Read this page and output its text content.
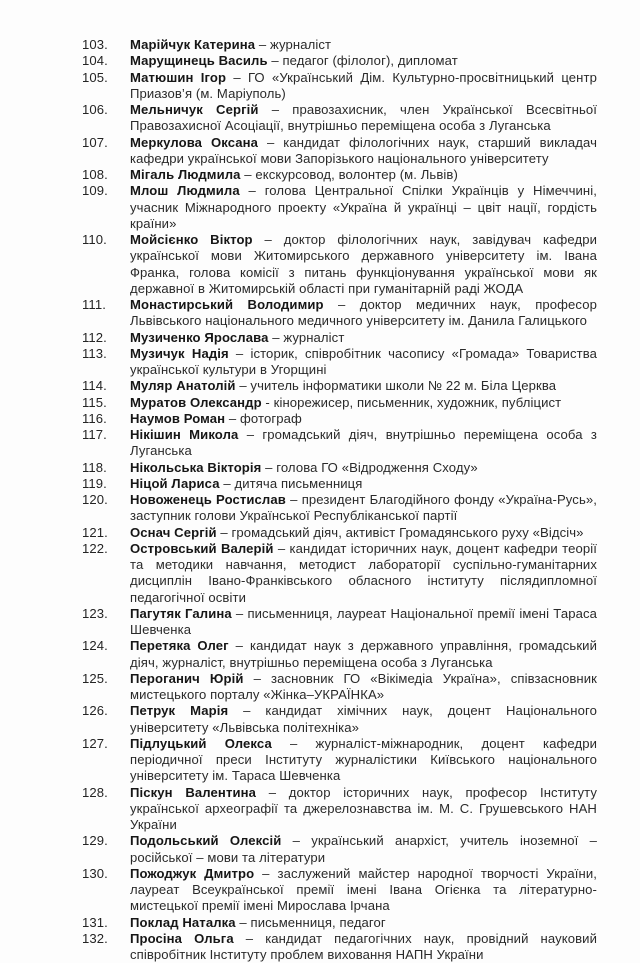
103.	Марійчук Катерина – журналіст
104.	Марущинець Василь – педагог (філолог), дипломат
105.	Матюшин Ігор – ГО «Український Дім. Культурно-просвітницький центр Приазов’я (м. Маріуполь)
106.	Мельничук Сергій – правозахисник, член Української Всесвітньої Правозахисної Асоціації, внутрішньо переміщена особа з Луганська
107.	Меркулова Оксана – кандидат філологічних наук, старший викладач кафедри української мови Запорізького національного університету
108.	Мігаль Людмила – екскурсовод, волонтер (м. Львів)
109.	Млош Людмила – голова Центральної Спілки Українців у Німеччині, учасник Міжнародного проекту «Україна й українці – цвіт нації, гордість країни»
110.	Мойсієнко Віктор – доктор філологічних наук, завідувач кафедри української мови Житомирського державного університету ім. Івана Франка, голова комісії з питань функціонування української мови як державної в Житомирській області при гуманітарній раді ЖОДА
111.	Монастирський Володимир – доктор медичних наук, професор Львівського національного медичного університету ім. Данила Галицького
112.	Музиченко Ярослава – журналіст
113.	Музичук Надія – історик, співробітник часопису «Громада» Товариства української культури в Угорщині
114.	Муляр Анатолій – учитель інформатики школи № 22 м. Біла Церква
115.	Муратов Олександр - кінорежисер, письменник, художник, публіцист
116.	Наумов Роман – фотограф
117.	Нікішин Микола – громадський діяч, внутрішньо переміщена особа з Луганська
118.	Нікольська Вікторія – голова ГО «Відродження Сходу»
119.	Ніцой Лариса – дитяча письменниця
120.	Новоженець Ростислав – президент Благодійного фонду «Україна-Русь», заступник голови Української Республіканської партії
121.	Оснач Сергій – громадський діяч, активіст Громадянського руху «Відсіч»
122.	Островський Валерій – кандидат історичних наук, доцент кафедри теорії та методики навчання, методист лабораторії суспільно-гуманітарних дисциплін Івано-Франківського обласного інституту післядипломної педагогічної освіти
123.	Пагутяк Галина – письменниця, лауреат Національної премії імені Тараса Шевченка
124.	Перетяка Олег – кандидат наук з державного управління, громадський діяч, журналіст, внутрішньо переміщена особа з Луганська
125.	Пероганич Юрій – засновник ГО «Вікімедіа Україна», співзасновник мистецького порталу «Жінка–УКРАЇНКА»
126.	Петрук Марія – кандидат хімічних наук, доцент Національного університету «Львівська політехніка»
127.	Підлуцький Олекса – журналіст-міжнародник, доцент кафедри періодичної преси Інституту журналістики Київського національного університету ім. Тараса Шевченка
128.	Піскун Валентина – доктор історичних наук, професор Інституту української археографії та джерелознавства ім. М. С. Грушевського НАН України
129.	Подольський Олексій – український анархіст, учитель іноземної – російської – мови та літератури
130.	Пожоджук Дмитро – заслужений майстер народної творчості України, лауреат Всеукраїнської премії імені Івана Огієнка та літературно-мистецької премії імені Мирослава Ірчана
131.	Поклад Наталка – письменниця, педагог
132.	Просіна Ольга – кандидат педагогічних наук, провідний науковий співробітник Інституту проблем виховання НАПН України
